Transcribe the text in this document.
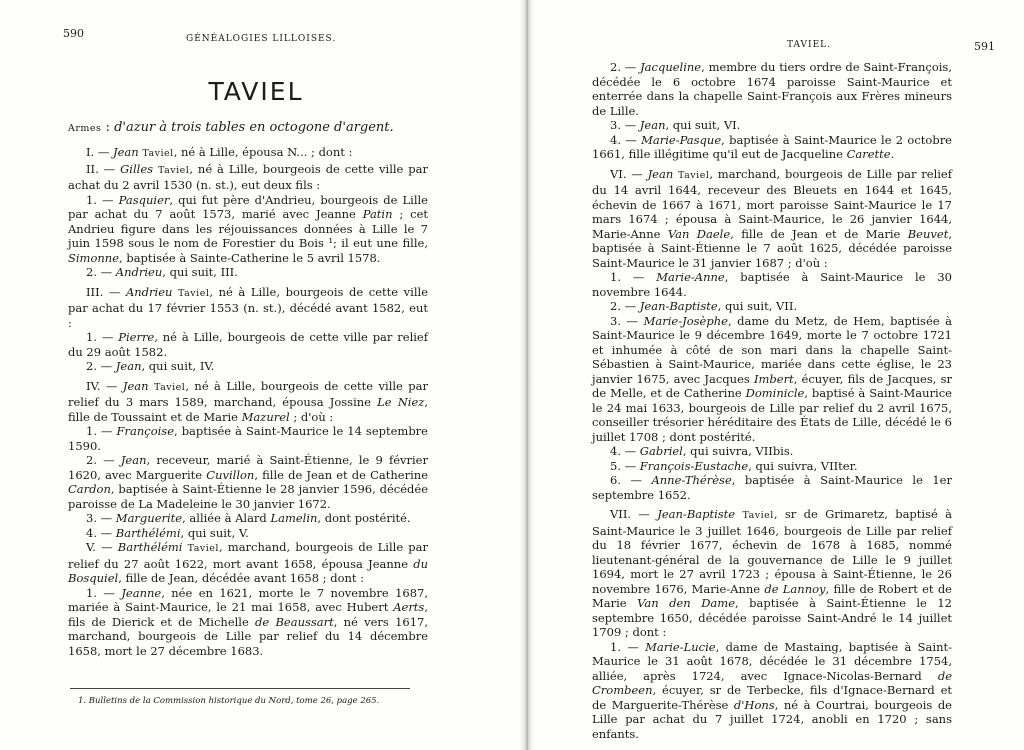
590	GÉNÉALOGIES LILLOISES.
TAVIEL

Armes : d'azur à trois tables en octogone d'argent.

I. — Jean Taviel, né à Lille, épousa N... ; dont :

II. — Gilles Taviel, né à Lille, bourgeois de cette ville par achat du 2 avril 1530 (n. st.), eut deux fils :

1. — Pasquier, qui fut père d'Andrieu, bourgeois de Lille par achat du 7 août 1573, marié avec Jeanne Patin ; cet Andrieu figure dans les réjouissances données à Lille le 7 juin 1598 sous le nom de Forestier du Bois ¹; il eut une fille, Simonne, baptisée à Sainte-Catherine le 5 avril 1578.

2. — Andrieu, qui suit, III.

III. — Andrieu Taviel, né à Lille, bourgeois de cette ville par achat du 17 février 1553 (n. st.), décédé avant 1582, eut :

1. — Pierre, né à Lille, bourgeois de cette ville par relief du 29 août 1582.

2. — Jean, qui suit, IV.

IV. — Jean Taviel, né à Lille, bourgeois de cette ville par relief du 3 mars 1589, marchand, épousa Jossine Le Niez, fille de Toussaint et de Marie Mazurel ; d'où :

1. — Françoise, baptisée à Saint-Maurice le 14 septembre 1590.

2. — Jean, receveur, marié à Saint-Étienne, le 9 février 1620, avec Marguerite Cuvillon, fille de Jean et de Catherine Cardon, baptisée à Saint-Étienne le 28 janvier 1596, décédée paroisse de La Madeleine le 30 janvier 1672.

3. — Marguerite, alliée à Alard Lamelin, dont postérité.

4. — Barthélémi, qui suit, V.

V. — Barthélémi Taviel, marchand, bourgeois de Lille par relief du 27 août 1622, mort avant 1658, épousa Jeanne du Bosquiel, fille de Jean, décédée avant 1658 ; dont :

1. — Jeanne, née en 1621, morte le 7 novembre 1687, mariée à Saint-Maurice, le 21 mai 1658, avec Hubert Aerts, fils de Dierick et de Michelle de Beaussart, né vers 1617, marchand, bourgeois de Lille par relief du 14 décembre 1658, mort le 27 décembre 1683.

1. Bulletins de la Commission historique du Nord, tome 26, page 265.
TAVIEL.	591

2. — Jacqueline, membre du tiers ordre de Saint-François, décédée le 6 octobre 1674 paroisse Saint-Maurice et enterrée dans la chapelle Saint-François aux Frères mineurs de Lille.

3. — Jean, qui suit, VI.

4. — Marie-Pasque, baptisée à Saint-Maurice le 2 octobre 1661, fille illégitime qu'il eut de Jacqueline Carette.

VI. — Jean Taviel, marchand, bourgeois de Lille par relief du 14 avril 1644, receveur des Bleuets en 1644 et 1645, échevin de 1667 à 1671, mort paroisse Saint-Maurice le 17 mars 1674 ; épousa à Saint-Maurice, le 26 janvier 1644, Marie-Anne Van Daele, fille de Jean et de Marie Beuvet, baptisée à Saint-Étienne le 7 août 1625, décédée paroisse Saint-Maurice le 31 janvier 1687 ; d'où :

1. — Marie-Anne, baptisée à Saint-Maurice le 30 novembre 1644.

2. — Jean-Baptiste, qui suit, VII.

3. — Marie-Josèphe, dame du Metz, de Hem, baptisée à Saint-Maurice le 9 décembre 1649, morte le 7 octobre 1721 et inhumée à côté de son mari dans la chapelle Saint-Sébastien à Saint-Maurice, mariée dans cette église, le 23 janvier 1675, avec Jacques Imbert, écuyer, fils de Jacques, sr de Melle, et de Catherine Dominicle, baptisé à Saint-Maurice le 24 mai 1633, bourgeois de Lille par relief du 2 avril 1675, conseiller trésorier héréditaire des États de Lille, décédé le 6 juillet 1708 ; dont postérité.

4. — Gabriel, qui suivra, VIIbis.

5. — François-Eustache, qui suivra, VIIter.

6. — Anne-Thérèse, baptisée à Saint-Maurice le 1er septembre 1652.

VII. — Jean-Baptiste Taviel, sr de Grimaretz, baptisé à Saint-Maurice le 3 juillet 1646, bourgeois de Lille par relief du 18 février 1677, échevin de 1678 à 1685, nommé lieutenant-général de la gouvernance de Lille le 9 juillet 1694, mort le 27 avril 1723 ; épousa à Saint-Étienne, le 26 novembre 1676, Marie-Anne de Lannoy, fille de Robert et de Marie Van den Dame, baptisée à Saint-Étienne le 12 septembre 1650, décédée paroisse Saint-André le 14 juillet 1709 ; dont :

1. — Marie-Lucie, dame de Mastaing, baptisée à Saint-Maurice le 31 août 1678, décédée le 31 décembre 1754, alliée, après 1724, avec Ignace-Nicolas-Bernard de Crombeen, écuyer, sr de Terbecke, fils d'Ignace-Bernard et de Marguerite-Thérèse d'Hons, né à Courtrai, bourgeois de Lille par achat du 7 juillet 1724, anobli en 1720 ; sans enfants.
